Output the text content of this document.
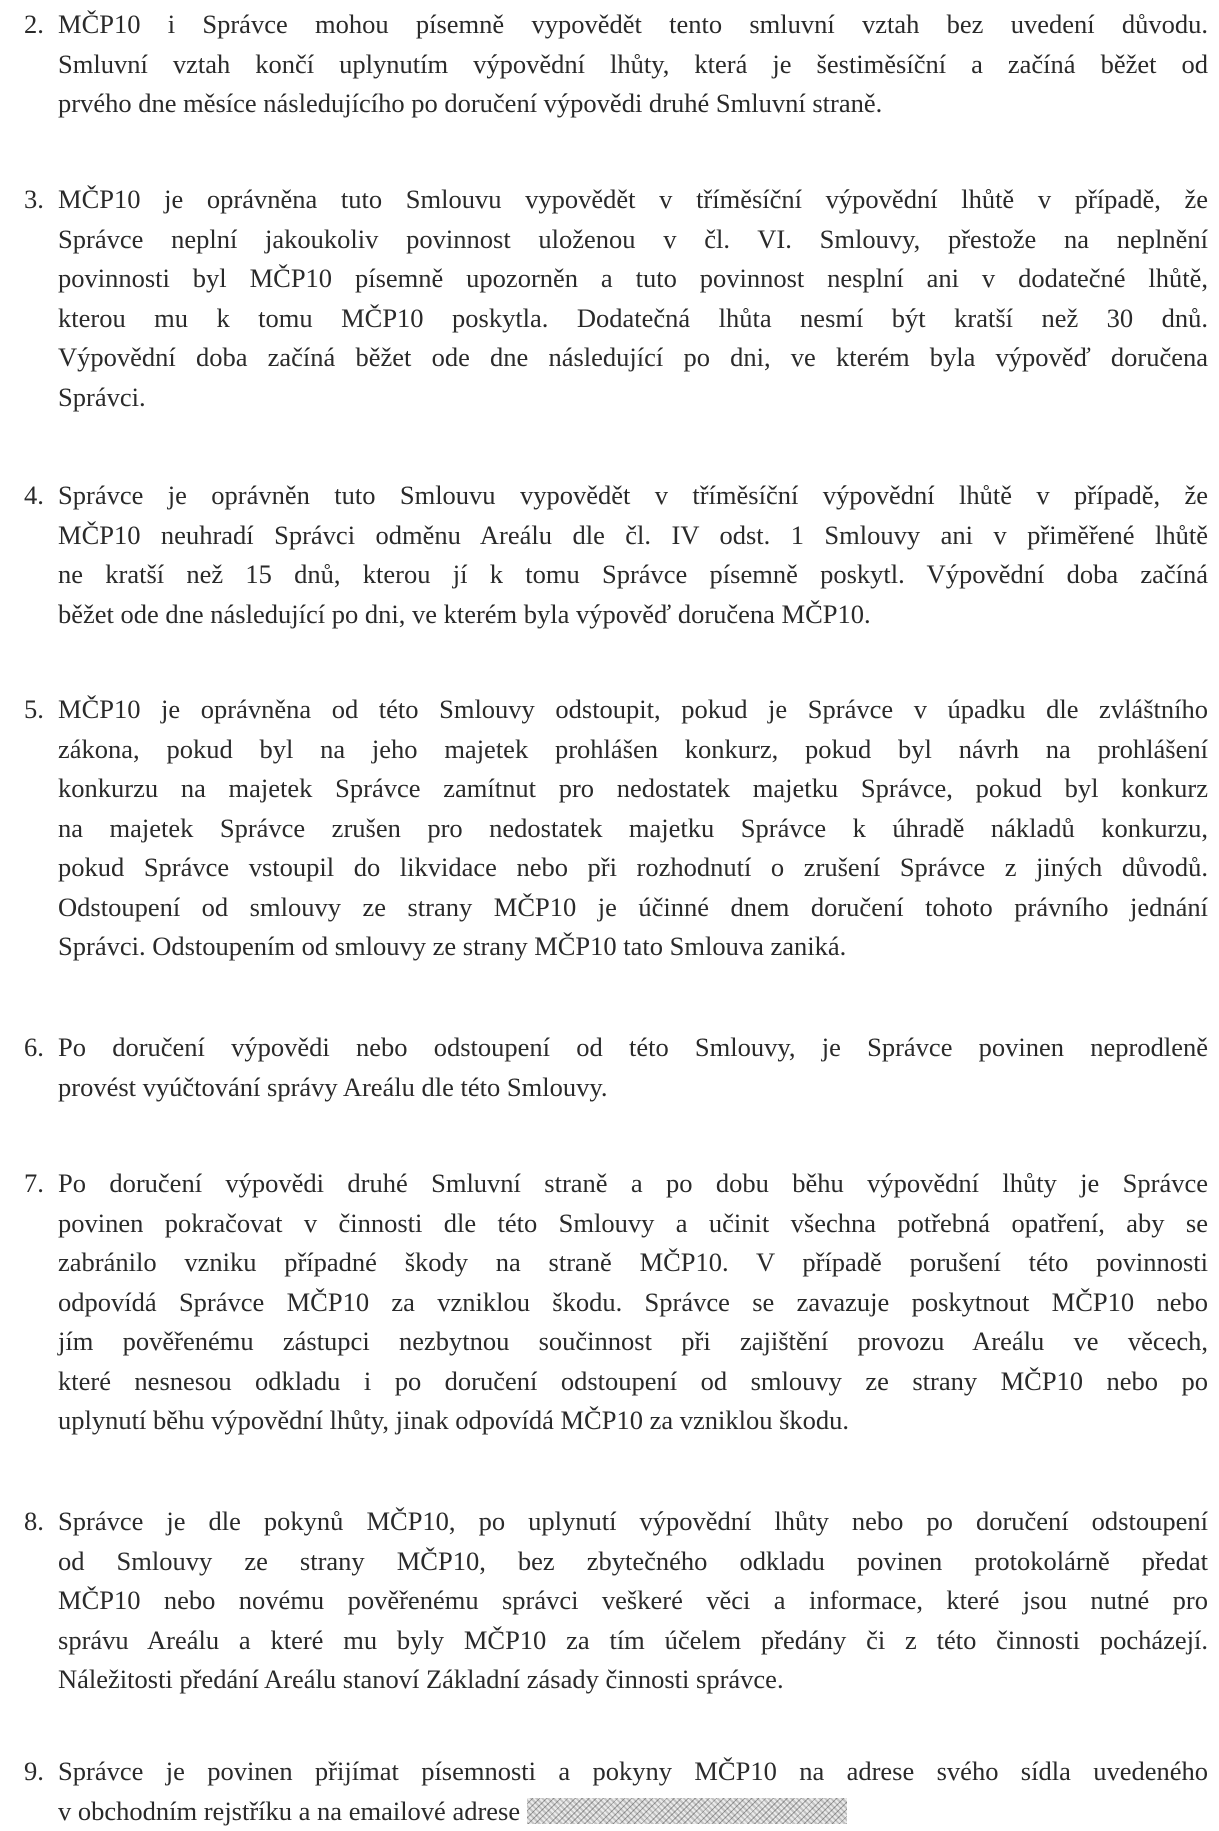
2. MČP10 i Správce mohou písemně vypovědět tento smluvní vztah bez uvedení důvodu.
Smluvní vztah končí uplynutím výpovědní lhůty, která je šestiměsíční a začíná běžet od
prvého dne měsíce následujícího po doručení výpovědi druhé Smluvní straně.
3. MČP10 je oprávněna tuto Smlouvu vypovědět v tříměsíční výpovědní lhůtě v případě, že
Správce neplní jakoukoliv povinnost uloženou v čl. VI. Smlouvy, přestože na neplnění
povinnosti byl MČP10 písemně upozorněn a tuto povinnost nesplní ani v dodatečné lhůtě,
kterou mu k tomu MČP10 poskytla. Dodatečná lhůta nesmí být kratší než 30 dnů.
Výpovědní doba začíná běžet ode dne následující po dni, ve kterém byla výpověď doručena
Správci.
4. Správce je oprávněn tuto Smlouvu vypovědět v tříměsíční výpovědní lhůtě v případě, že
MČP10 neuhradí Správci odměnu Areálu dle čl. IV odst. 1 Smlouvy ani v přiměřené lhůtě
ne kratší než 15 dnů, kterou jí k tomu Správce písemně poskytl. Výpovědní doba začíná
běžet ode dne následující po dni, ve kterém byla výpověď doručena MČP10.
5. MČP10 je oprávněna od této Smlouvy odstoupit, pokud je Správce v úpadku dle zvláštního
zákona, pokud byl na jeho majetek prohlášen konkurz, pokud byl návrh na prohlášení
konkurzu na majetek Správce zamítnut pro nedostatek majetku Správce, pokud byl konkurz
na majetek Správce zrušen pro nedostatek majetku Správce k úhradě nákladů konkurzu,
pokud Správce vstoupil do likvidace nebo při rozhodnutí o zrušení Správce z jiných důvodů.
Odstoupení od smlouvy ze strany MČP10 je účinné dnem doručení tohoto právního jednání
Správci. Odstoupením od smlouvy ze strany MČP10 tato Smlouva zaniká.
6. Po doručení výpovědi nebo odstoupení od této Smlouvy, je Správce povinen neprodleně
provést vyúčtování správy Areálu dle této Smlouvy.
7. Po doručení výpovědi druhé Smluvní straně a po dobu běhu výpovědní lhůty je Správce
povinen pokračovat v činnosti dle této Smlouvy a učinit všechna potřebná opatření, aby se
zabránilo vzniku případné škody na straně MČP10. V případě porušení této povinnosti
odpovídá Správce MČP10 za vzniklou škodu. Správce se zavazuje poskytnout MČP10 nebo
jím pověřenému zástupci nezbytnou součinnost při zajištění provozu Areálu ve věcech,
které nesnesou odkladu i po doručení odstoupení od smlouvy ze strany MČP10 nebo po
uplynutí běhu výpovědní lhůty, jinak odpovídá MČP10 za vzniklou škodu.
8. Správce je dle pokynů MČP10, po uplynutí výpovědní lhůty nebo po doručení odstoupení
od Smlouvy ze strany MČP10, bez zbytečného odkladu povinen protokolárně předat
MČP10 nebo novému pověřenému správci veškeré věci a informace, které jsou nutné pro
správu Areálu a které mu byly MČP10 za tím účelem předány či z této činnosti pocházejí.
Náležitosti předání Areálu stanoví Základní zásady činnosti správce.
9. Správce je povinen přijímat písemnosti a pokyny MČP10 na adrese svého sídla uvedeného
v obchodním rejstříku a na emailové adrese
